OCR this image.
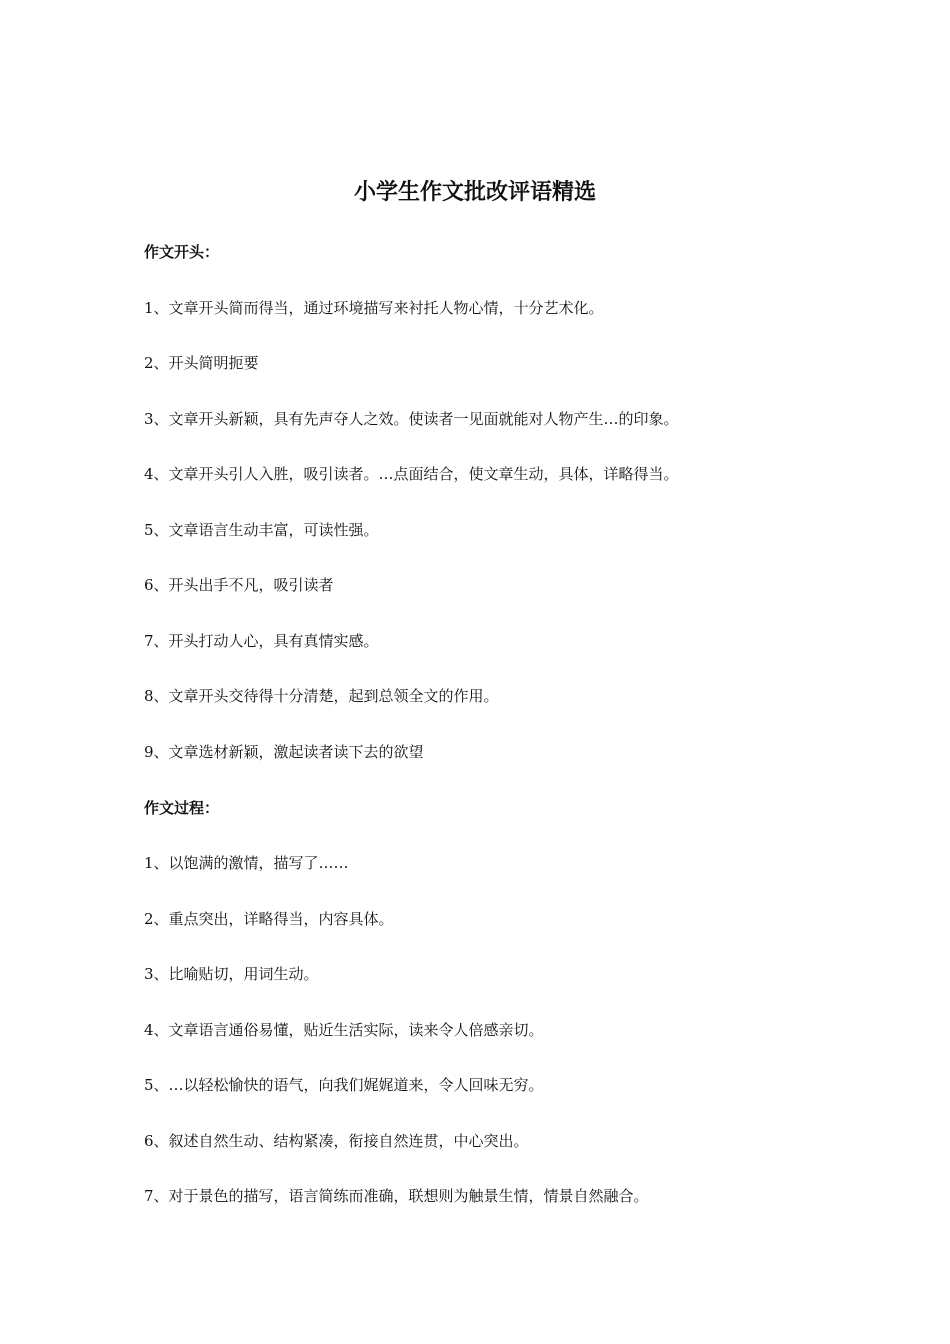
小学生作文批改评语精选
作文开头：
1、文章开头简而得当，通过环境描写来衬托人物心情，十分艺术化。
2、开头简明扼要
3、文章开头新颖，具有先声夺人之效。使读者一见面就能对人物产生…的印象。
4、文章开头引人入胜，吸引读者。…点面结合，使文章生动，具体，详略得当。
5、文章语言生动丰富，可读性强。
6、开头出手不凡，吸引读者
7、开头打动人心，具有真情实感。
8、文章开头交待得十分清楚，起到总领全文的作用。
9、文章选材新颖，激起读者读下去的欲望
作文过程：
1、以饱满的激情，描写了……
2、重点突出，详略得当，内容具体。
3、比喻贴切，用词生动。
4、文章语言通俗易懂，贴近生活实际，读来令人倍感亲切。
5、…以轻松愉快的语气，向我们娓娓道来，令人回味无穷。
6、叙述自然生动、结构紧凑，衔接自然连贯，中心突出。
7、对于景色的描写，语言简练而准确，联想则为触景生情，情景自然融合。
